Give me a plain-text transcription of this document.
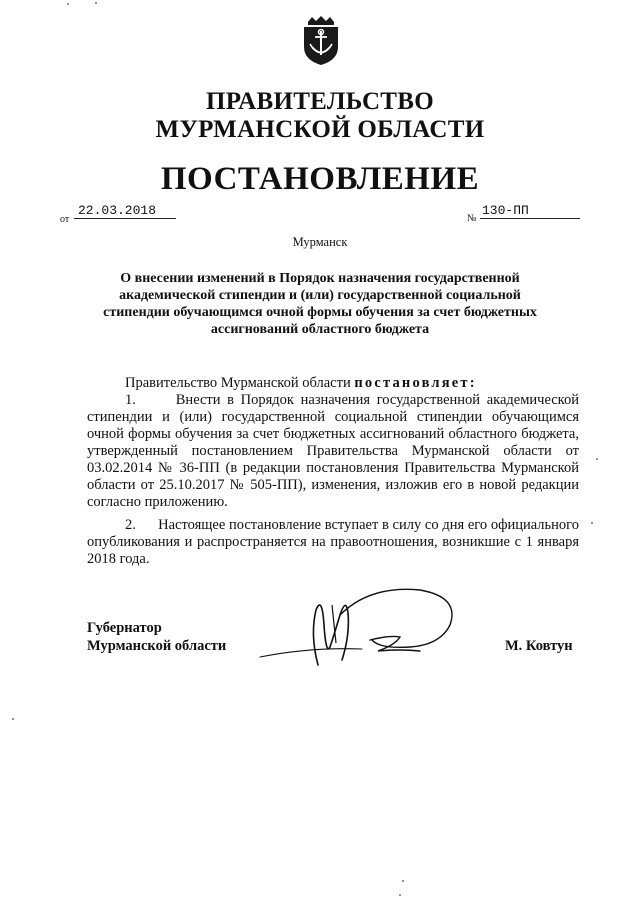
ПРАВИТЕЛЬСТВО
МУРМАНСКОЙ ОБЛАСТИ
ПОСТАНОВЛЕНИЕ
от
22.03.2018
№
130-ПП
Мурманск
О внесении изменений в Порядок назначения государственной академической стипендии и (или) государственной социальной стипендии обучающимся очной формы обучения за счет бюджетных ассигнований областного бюджета
Правительство Мурманской области постановляет:
1.	Внести в Порядок назначения государственной академической стипендии и (или) государственной социальной стипендии обучающимся очной формы обучения за счет бюджетных ассигнований областного бюджета, утвержденный постановлением Правительства Мурманской области от 03.02.2014 № 36-ПП (в редакции постановления Правительства Мурманской области от 25.10.2017 № 505-ПП), изменения, изложив его в новой редакции согласно приложению.
2. Настоящее постановление вступает в силу со дня его официального опубликования и распространяется на правоотношения, возникшие с 1 января 2018 года.
Губернатор
Мурманской области	М. Ковтун
